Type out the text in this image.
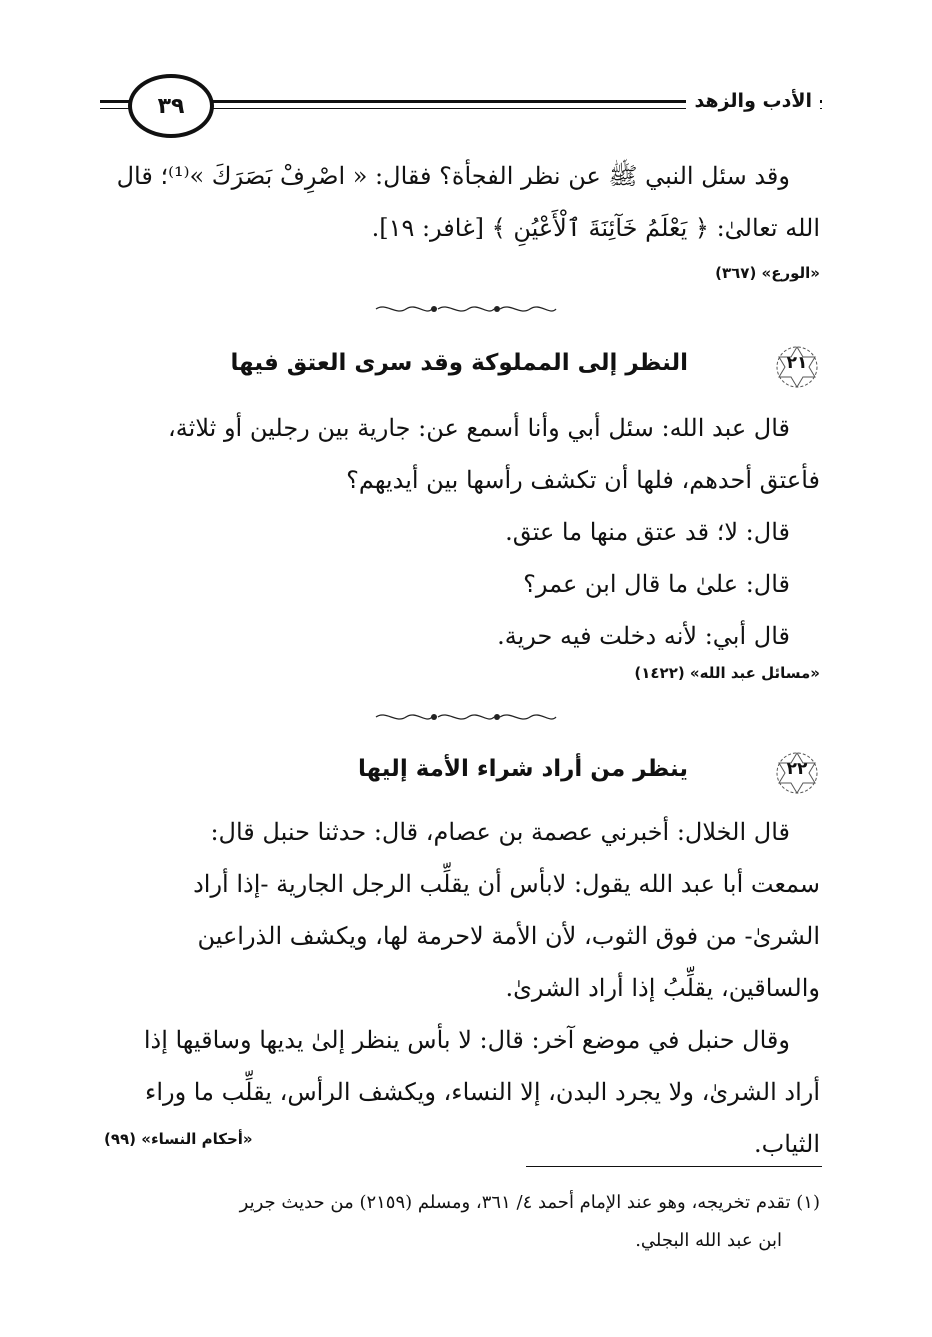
٣٩	الأدب والزهد
وقد سئل النبي ﷺ عن نظر الفجأة؟ فقال: « اصْرِفْ بَصَرَكَ »⁽¹⁾؛ قال
الله تعالىٰ: ﴿ يَعْلَمُ خَآئِنَةَ ٱلْأَعْيُنِ ﴾ [غافر: ١٩].
«الورع» (٣٦٧)
٢١
النظر إلى المملوكة وقد سرى العتق فيها
قال عبد الله: سئل أبي وأنا أسمع عن: جارية بين رجلين أو ثلاثة،
فأعتق أحدهم، فلها أن تكشف رأسها بين أيديهم؟
قال: لا؛ قد عتق منها ما عتق.
قال: علىٰ ما قال ابن عمر؟
قال أبي: لأنه دخلت فيه حرية.
«مسائل عبد الله» (١٤٢٢)
٢٢
ينظر من أراد شراء الأمة إليها
قال الخلال: أخبرني عصمة بن عصام، قال: حدثنا حنبل قال:
سمعت أبا عبد الله يقول: لابأس أن يقلِّب الرجل الجارية -إذا أراد
الشرىٰ- من فوق الثوب، لأن الأمة لاحرمة لها، ويكشف الذراعين
والساقين، يقلِّبُ إذا أراد الشرىٰ.
وقال حنبل في موضع آخر: قال: لا بأس ينظر إلىٰ يديها وساقيها إذا
أراد الشرىٰ، ولا يجرد البدن، إلا النساء، ويكشف الرأس، يقلِّب ما وراء
الثياب.
«أحكام النساء» (٩٩)
(١) تقدم تخريجه، وهو عند الإمام أحمد ٤/ ٣٦١، ومسلم (٢١٥٩) من حديث جرير
ابن عبد الله البجلي.
